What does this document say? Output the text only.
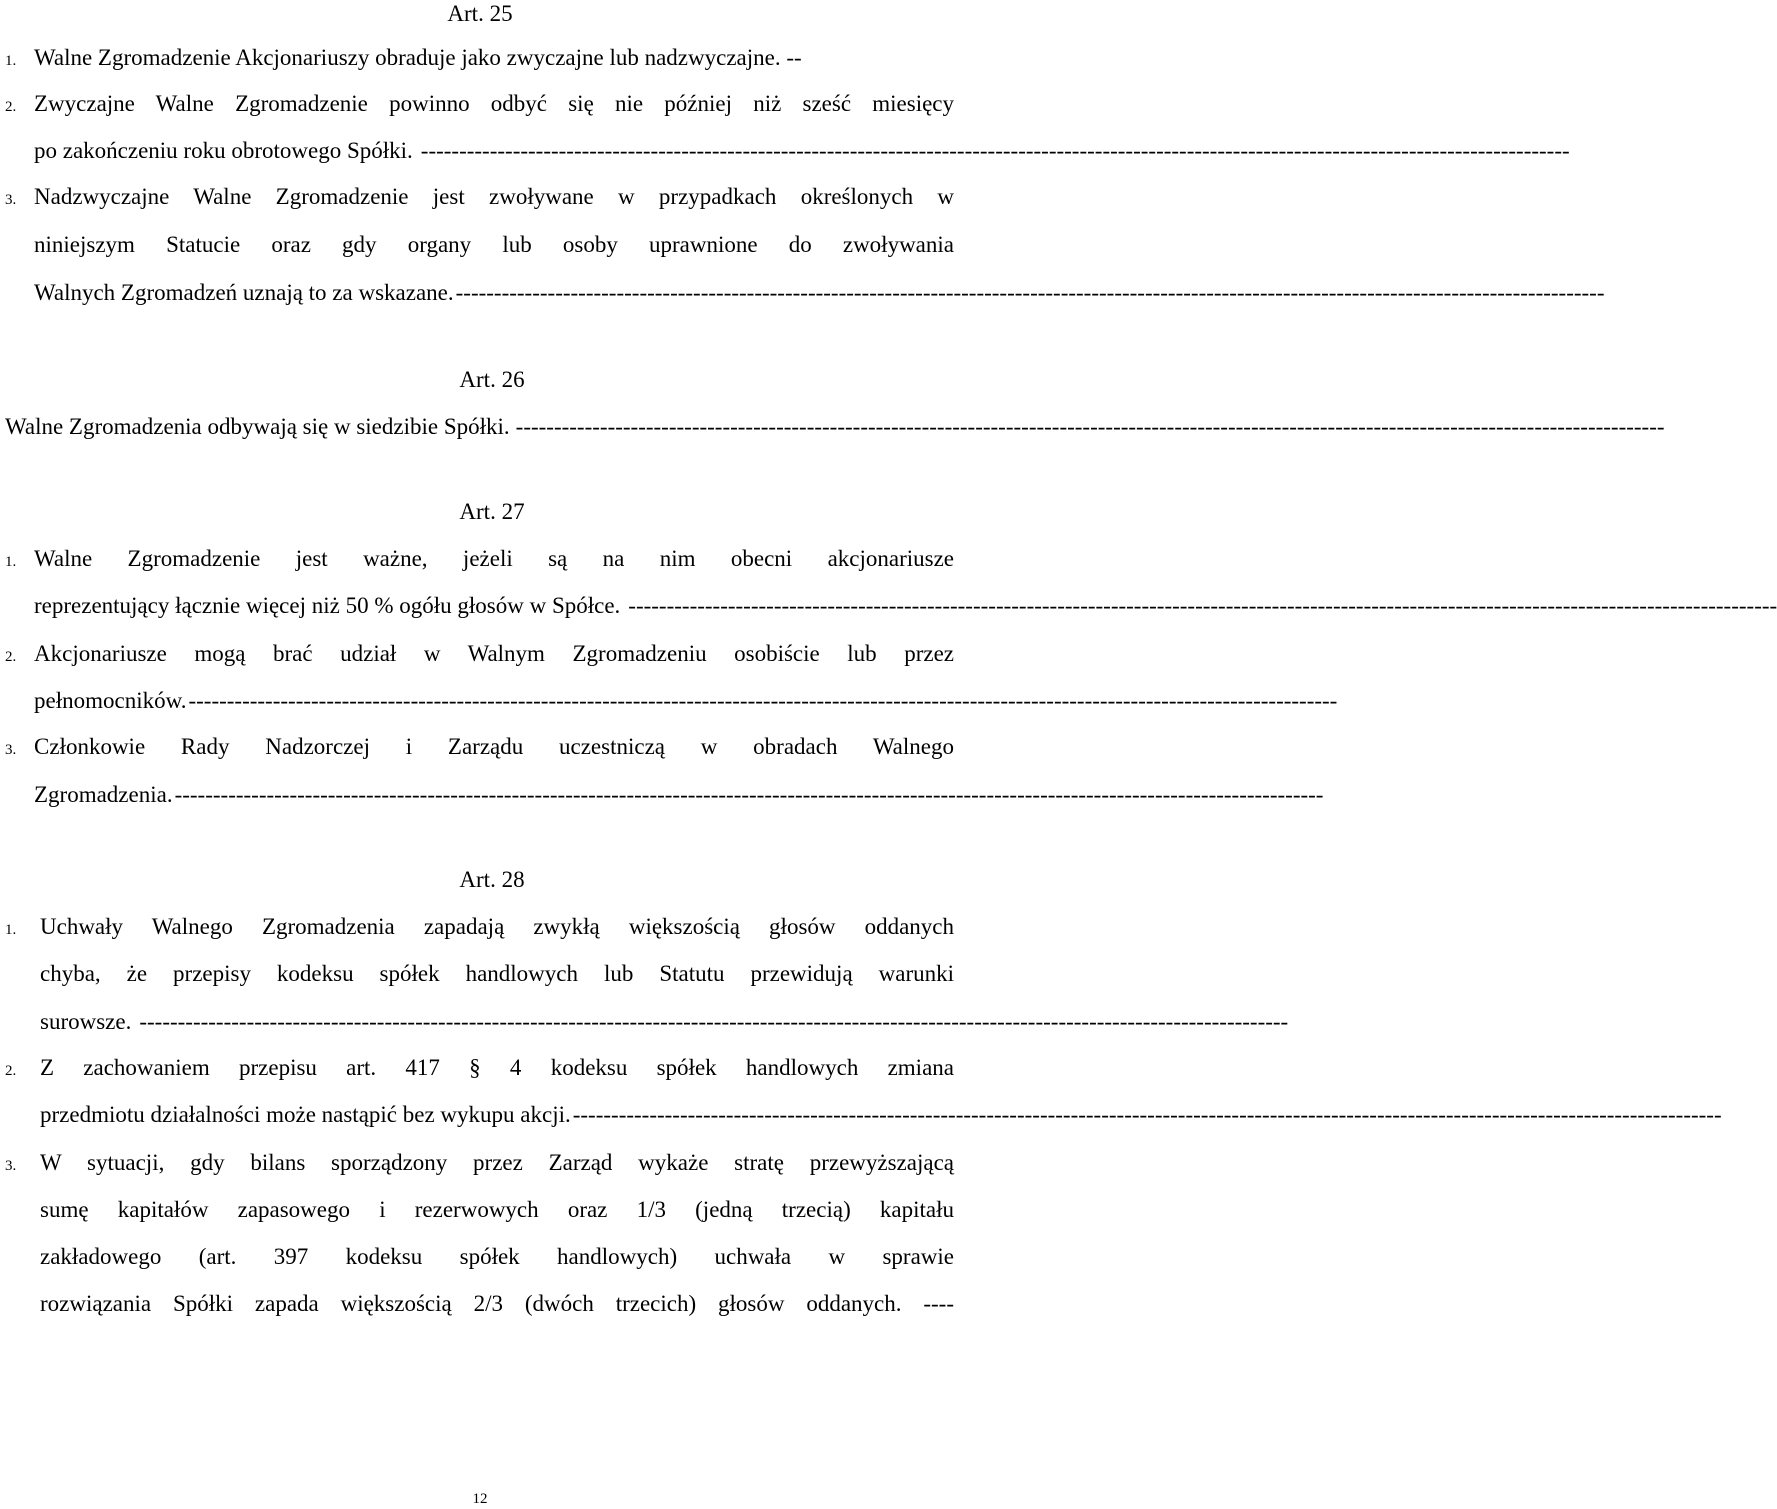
Art. 25
1. Walne Zgromadzenie Akcjonariuszy obraduje jako zwyczajne lub nadzwyczajne. --
2. Zwyczajne Walne Zgromadzenie powinno odbyć się nie później niż sześć miesięcy
po zakończeniu roku obrotowego Spółki. ------------------------------------------------------------------------------------------------------------------------------------------------------
3. Nadzwyczajne Walne Zgromadzenie jest zwoływane w przypadkach określonych w
niniejszym Statucie oraz gdy organy lub osoby uprawnione do zwoływania
Walnych Zgromadzeń uznają to za wskazane. ------------------------------------------------------------------------------------------------------------------------------------------------------
Art. 26
Walne Zgromadzenia odbywają się w siedzibie Spółki. ------------------------------------------------------------------------------------------------------------------------------------------------------
Art. 27
1. Walne Zgromadzenie jest ważne, jeżeli są na nim obecni akcjonariusze
reprezentujący łącznie więcej niż 50 % ogółu głosów w Spółce. ------------------------------------------------------------------------------------------------------------------------------------------------------
2. Akcjonariusze mogą brać udział w Walnym Zgromadzeniu osobiście lub przez
pełnomocników. ------------------------------------------------------------------------------------------------------------------------------------------------------
3. Członkowie Rady Nadzorczej i Zarządu uczestniczą w obradach Walnego
Zgromadzenia. ------------------------------------------------------------------------------------------------------------------------------------------------------
Art. 28
1. Uchwały Walnego Zgromadzenia zapadają zwykłą większością głosów oddanych
chyba, że przepisy kodeksu spółek handlowych lub Statutu przewidują warunki
surowsze. ------------------------------------------------------------------------------------------------------------------------------------------------------
2. Z zachowaniem przepisu art. 417 § 4 kodeksu spółek handlowych zmiana
przedmiotu działalności może nastąpić bez wykupu akcji. ------------------------------------------------------------------------------------------------------------------------------------------------------
3. W sytuacji, gdy bilans sporządzony przez Zarząd wykaże stratę przewyższającą
sumę kapitałów zapasowego i rezerwowych oraz 1/3 (jedną trzecią) kapitału
zakładowego (art. 397 kodeksu spółek handlowych) uchwała w sprawie
rozwiązania Spółki zapada większością 2/3 (dwóch trzecich) głosów oddanych. ----
12
